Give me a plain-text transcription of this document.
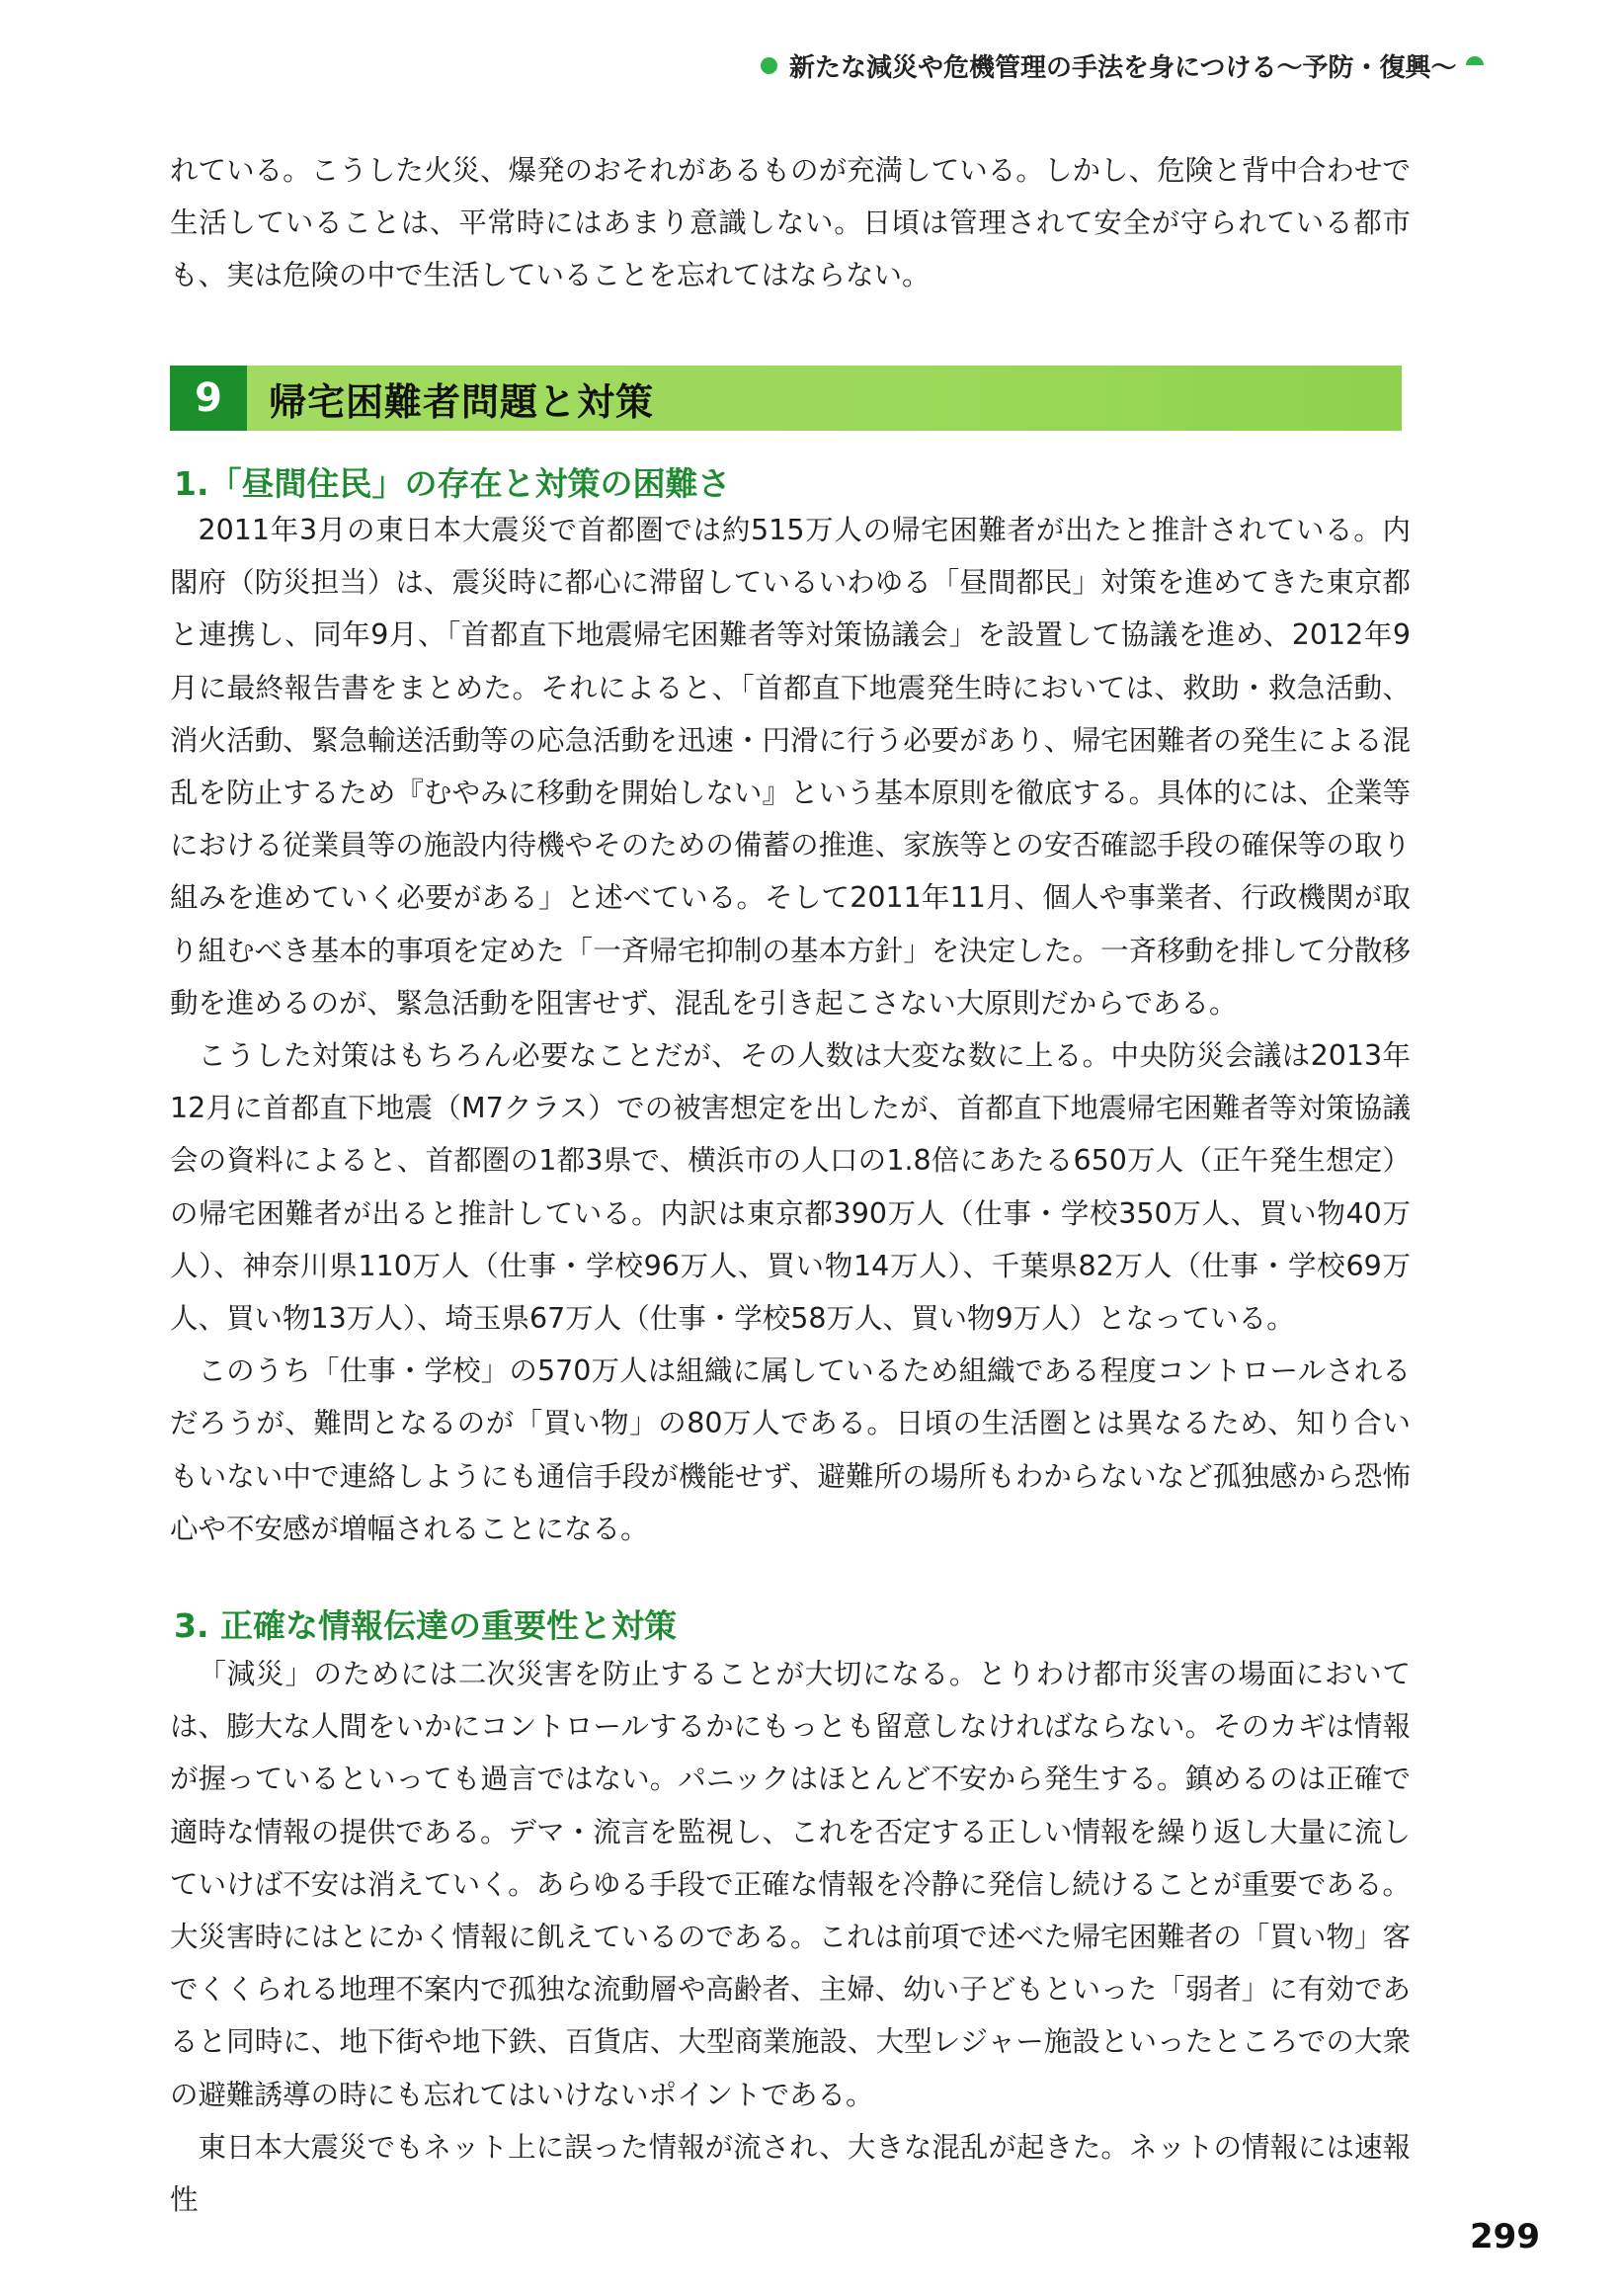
新たな減災や危機管理の手法を身につける〜予防・復興〜

れている。こうした火災、爆発のおそれがあるものが充満している。しかし、危険と背中合わせで生活していることは、平常時にはあまり意識しない。日頃は管理されて安全が守られている都市も、実は危険の中で生活していることを忘れてはならない。

9	帰宅困難者問題と対策
1.「昼間住民」の存在と対策の困難さ

2011年3月の東日本大震災で首都圏では約515万人の帰宅困難者が出たと推計されている。内閣府（防災担当）は、震災時に都心に滞留しているいわゆる「昼間都民」対策を進めてきた東京都と連携し、同年9月、「首都直下地震帰宅困難者等対策協議会」を設置して協議を進め、2012年9月に最終報告書をまとめた。それによると、「首都直下地震発生時においては、救助・救急活動、消火活動、緊急輸送活動等の応急活動を迅速・円滑に行う必要があり、帰宅困難者の発生による混乱を防止するため『むやみに移動を開始しない』という基本原則を徹底する。具体的には、企業等における従業員等の施設内待機やそのための備蓄の推進、家族等との安否確認手段の確保等の取り組みを進めていく必要がある」と述べている。そして2011年11月、個人や事業者、行政機関が取り組むべき基本的事項を定めた「一斉帰宅抑制の基本方針」を決定した。一斉移動を排して分散移動を進めるのが、緊急活動を阻害せず、混乱を引き起こさない大原則だからである。

こうした対策はもちろん必要なことだが、その人数は大変な数に上る。中央防災会議は2013年12月に首都直下地震（M7クラス）での被害想定を出したが、首都直下地震帰宅困難者等対策協議会の資料によると、首都圏の1都3県で、横浜市の人口の1.8倍にあたる650万人（正午発生想定）の帰宅困難者が出ると推計している。内訳は東京都390万人（仕事・学校350万人、買い物40万人）、神奈川県110万人（仕事・学校96万人、買い物14万人）、千葉県82万人（仕事・学校69万人、買い物13万人）、埼玉県67万人（仕事・学校58万人、買い物9万人）となっている。

このうち「仕事・学校」の570万人は組織に属しているため組織である程度コントロールされるだろうが、難問となるのが「買い物」の80万人である。日頃の生活圏とは異なるため、知り合いもいない中で連絡しようにも通信手段が機能せず、避難所の場所もわからないなど孤独感から恐怖心や不安感が増幅されることになる。

3. 正確な情報伝達の重要性と対策

「減災」のためには二次災害を防止することが大切になる。とりわけ都市災害の場面においては、膨大な人間をいかにコントロールするかにもっとも留意しなければならない。そのカギは情報が握っているといっても過言ではない。パニックはほとんど不安から発生する。鎮めるのは正確で適時な情報の提供である。デマ・流言を監視し、これを否定する正しい情報を繰り返し大量に流していけば不安は消えていく。あらゆる手段で正確な情報を冷静に発信し続けることが重要である。大災害時にはとにかく情報に飢えているのである。これは前項で述べた帰宅困難者の「買い物」客でくくられる地理不案内で孤独な流動層や高齢者、主婦、幼い子どもといった「弱者」に有効であると同時に、地下街や地下鉄、百貨店、大型商業施設、大型レジャー施設といったところでの大衆の避難誘導の時にも忘れてはいけないポイントである。

東日本大震災でもネット上に誤った情報が流され、大きな混乱が起きた。ネットの情報には速報性

299
